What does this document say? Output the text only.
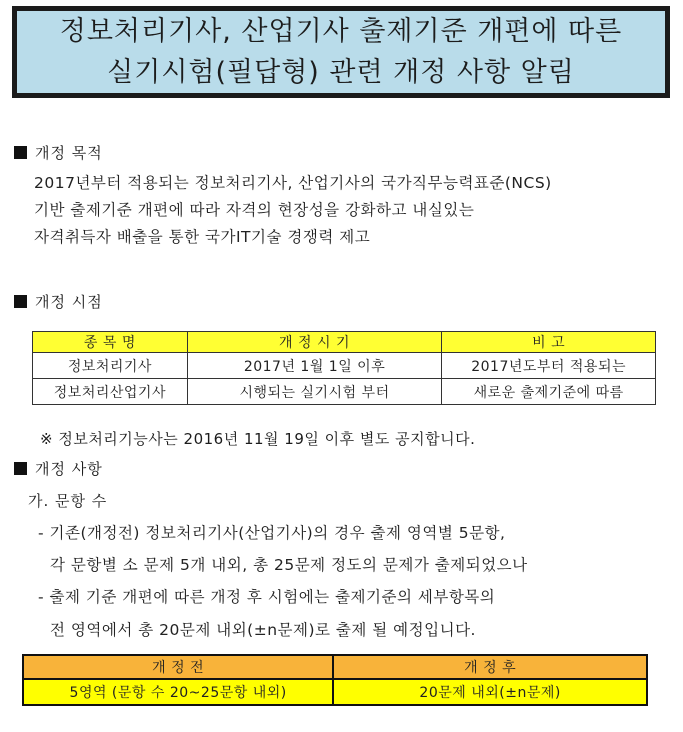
정보처리기사, 산업기사 출제기준 개편에 따른
실기시험(필답형) 관련 개정 사항 알림
개정 목적
2017년부터 적용되는 정보처리기사, 산업기사의 국가직무능력표준(NCS)
기반 출제기준 개편에 따라 자격의 현장성을 강화하고 내실있는
자격취득자 배출을 통한 국가IT기술 경쟁력 제고
개정 시점
종 목 명	개 정 시 기	비 고
정보처리기사	2017년 1월 1일 이후	2017년도부터 적용되는
정보처리산업기사	시행되는 실기시험 부터	새로운 출제기준에 따름
※ 정보처리기능사는 2016년 11월 19일 이후 별도 공지합니다.
개정 사항
가. 문항 수
- 기존(개정전) 정보처리기사(산업기사)의 경우 출제 영역별 5문항,
각 문항별 소 문제 5개 내외, 총 25문제 정도의 문제가 출제되었으나
- 출제 기준 개편에 따른 개정 후 시험에는 출제기준의 세부항목의
전 영역에서 총 20문제 내외(±n문제)로 출제 될 예정입니다.
개 정 전	개 정 후
5영역 (문항 수 20~25문항 내외)	20문제 내외(±n문제)
